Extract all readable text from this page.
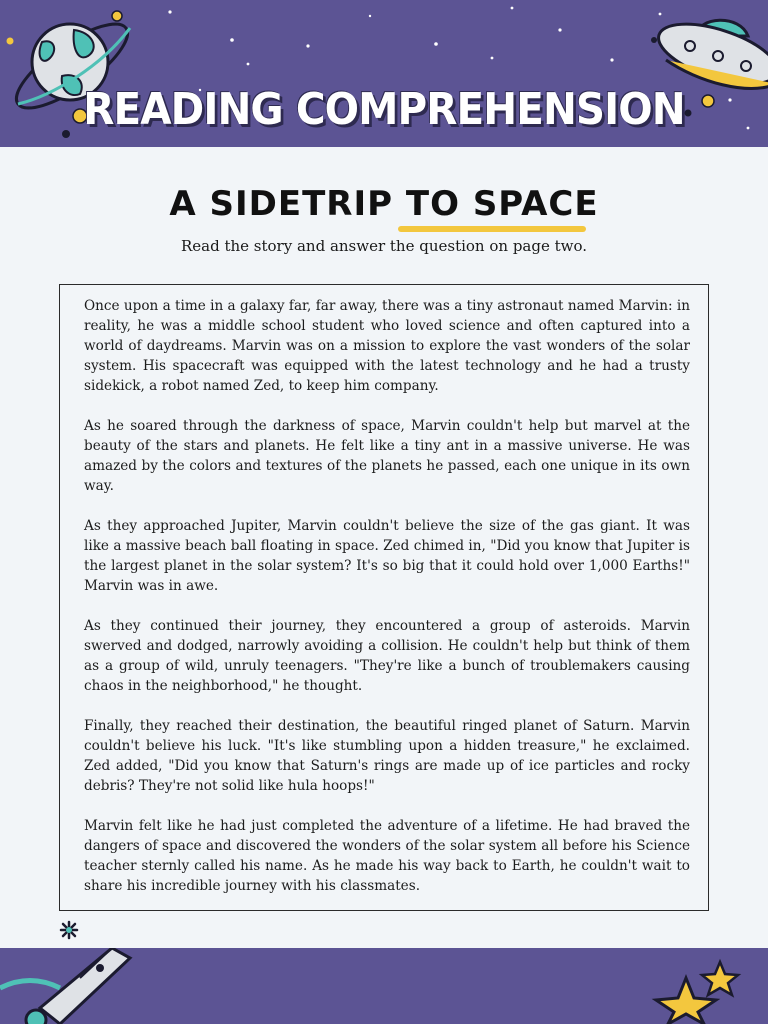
READING COMPREHENSION
A SIDETRIP TO SPACE
Read the story and answer the question on page two.

Once upon a time in a galaxy far, far away, there was a tiny astronaut named Marvin: in reality, he was a middle school student who loved science and often captured into a world of daydreams. Marvin was on a mission to explore the vast wonders of the solar system. His spacecraft was equipped with the latest technology and he had a trusty sidekick, a robot named Zed, to keep him company.

As he soared through the darkness of space, Marvin couldn't help but marvel at the beauty of the stars and planets. He felt like a tiny ant in a massive universe. He was amazed by the colors and textures of the planets he passed, each one unique in its own way.

As they approached Jupiter, Marvin couldn't believe the size of the gas giant. It was like a massive beach ball floating in space. Zed chimed in, "Did you know that Jupiter is the largest planet in the solar system? It's so big that it could hold over 1,000 Earths!" Marvin was in awe.

As they continued their journey, they encountered a group of asteroids. Marvin swerved and dodged, narrowly avoiding a collision. He couldn't help but think of them as a group of wild, unruly teenagers. "They're like a bunch of troublemakers causing chaos in the neighborhood," he thought.

Finally, they reached their destination, the beautiful ringed planet of Saturn. Marvin couldn't believe his luck. "It's like stumbling upon a hidden treasure," he exclaimed. Zed added, "Did you know that Saturn's rings are made up of ice particles and rocky debris? They're not solid like hula hoops!"

Marvin felt like he had just completed the adventure of a lifetime. He had braved the dangers of space and discovered the wonders of the solar system all before his Science teacher sternly called his name. As he made his way back to Earth, he couldn't wait to share his incredible journey with his classmates.
